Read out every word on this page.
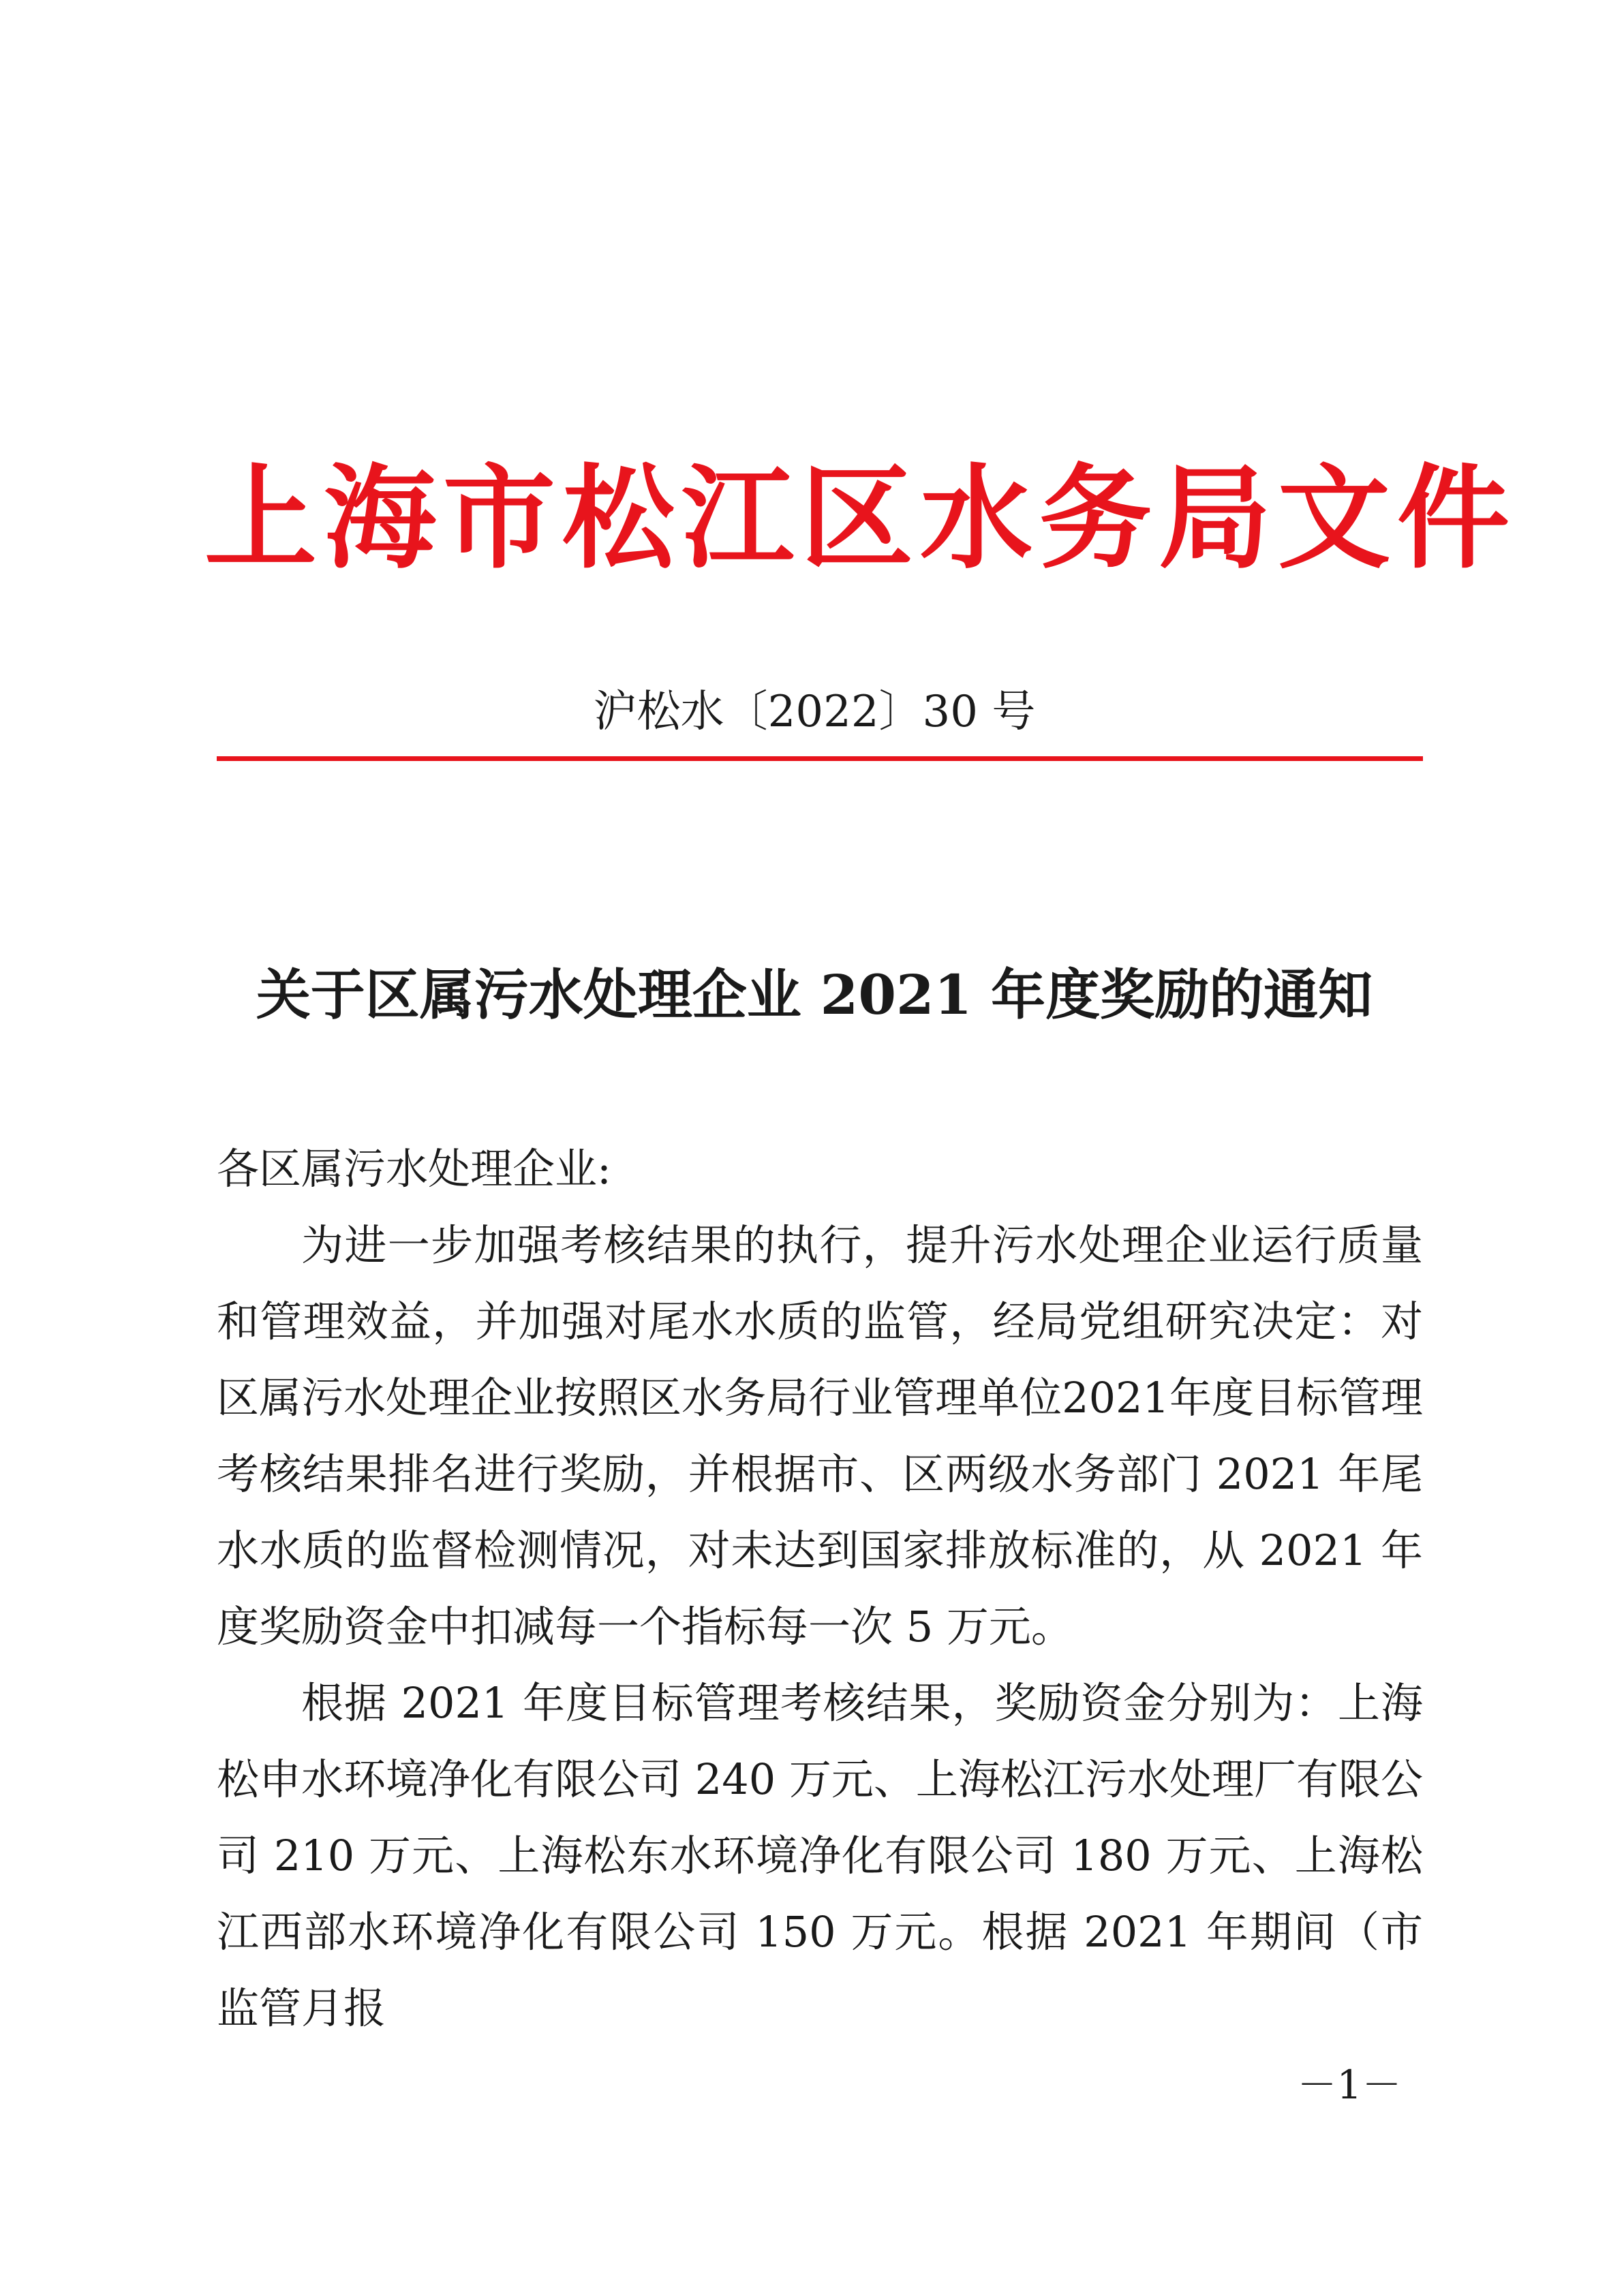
上海市松江区水务局文件
沪松水〔2022〕30 号
关于区属污水处理企业 2021 年度奖励的通知

各区属污水处理企业:

为进一步加强考核结果的执行，提升污水处理企业运行质量和管理效益，并加强对尾水水质的监管，经局党组研究决定：对区属污水处理企业按照区水务局行业管理单位2021年度目标管理考核结果排名进行奖励，并根据市、区两级水务部门 2021 年尾水水质的监督检测情况，对未达到国家排放标准的，从 2021 年度奖励资金中扣减每一个指标每一次 5 万元。

根据 2021 年度目标管理考核结果，奖励资金分别为：上海松申水环境净化有限公司 240 万元、上海松江污水处理厂有限公司 210 万元、上海松东水环境净化有限公司 180 万元、上海松江西部水环境净化有限公司 150 万元。根据 2021 年期间（市监管月报

－1－
